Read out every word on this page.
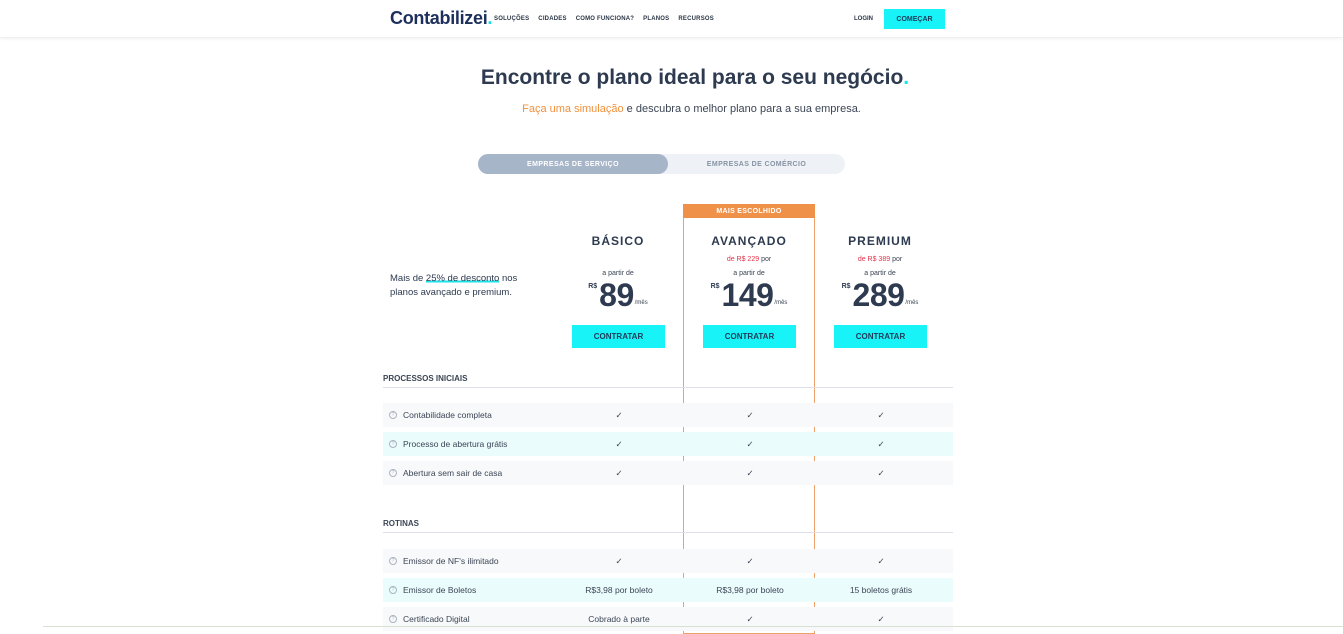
Contabilizei. SOLUÇÕES CIDADES COMO FUNCIONA? PLANOS RECURSOS	LOGIN	COMEÇAR
Encontre o plano ideal para o seu negócio.
Faça uma simulação e descubra o melhor plano para a sua empresa.
EMPRESAS DE SERVIÇO	EMPRESAS DE COMÉRCIO
MAIS ESCOLHIDO
Mais de 25% de desconto nos planos avançado e premium.
BÁSICO
a partir de
R$ 89 /mês
CONTRATAR
AVANÇADO
de R$ 229 por
a partir de
R$ 149 /mês
CONTRATAR
PREMIUM
de R$ 389 por
a partir de
R$ 289 /mês
CONTRATAR
PROCESSOS INICIAIS
?	Contabilidade completa	✓	✓	✓
?	Processo de abertura grátis	✓	✓	✓
?	Abertura sem sair de casa	✓	✓	✓
ROTINAS
?	Emissor de NF's ilimitado	✓	✓	✓
?	Emissor de Boletos	R$3,98 por boleto	R$3,98 por boleto	15 boletos grátis
?	Certificado Digital	Cobrado à parte	✓	✓
